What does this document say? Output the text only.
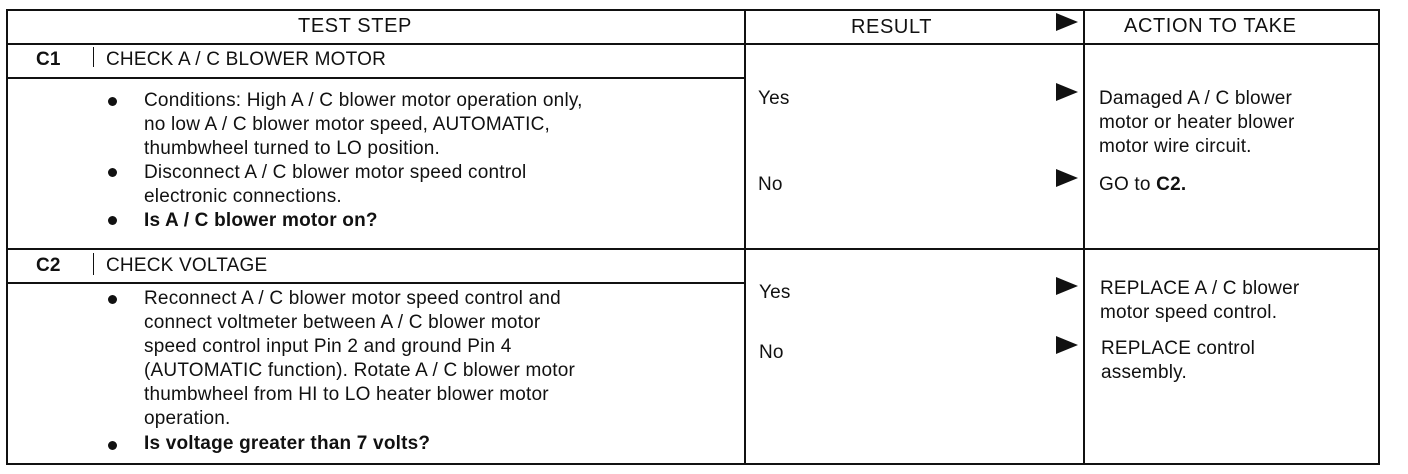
TEST STEP	RESULT	ACTION TO TAKE
C1 CHECK A / C BLOWER MOTOR
Conditions: High A / C blower motor operation only,
no low A / C blower motor speed, AUTOMATIC,
thumbwheel turned to LO position.
Disconnect A / C blower motor speed control
electronic connections.
Is A / C blower motor on?
Yes	Damaged A / C blower
motor or heater blower
motor wire circuit.
No	GO to C2.
C2 CHECK VOLTAGE
Reconnect A / C blower motor speed control and
connect voltmeter between A / C blower motor
speed control input Pin 2 and ground Pin 4
(AUTOMATIC function). Rotate A / C blower motor
thumbwheel from HI to LO heater blower motor
operation.
Is voltage greater than 7 volts?
Yes	REPLACE A / C blower
motor speed control.
No	REPLACE control
assembly.
